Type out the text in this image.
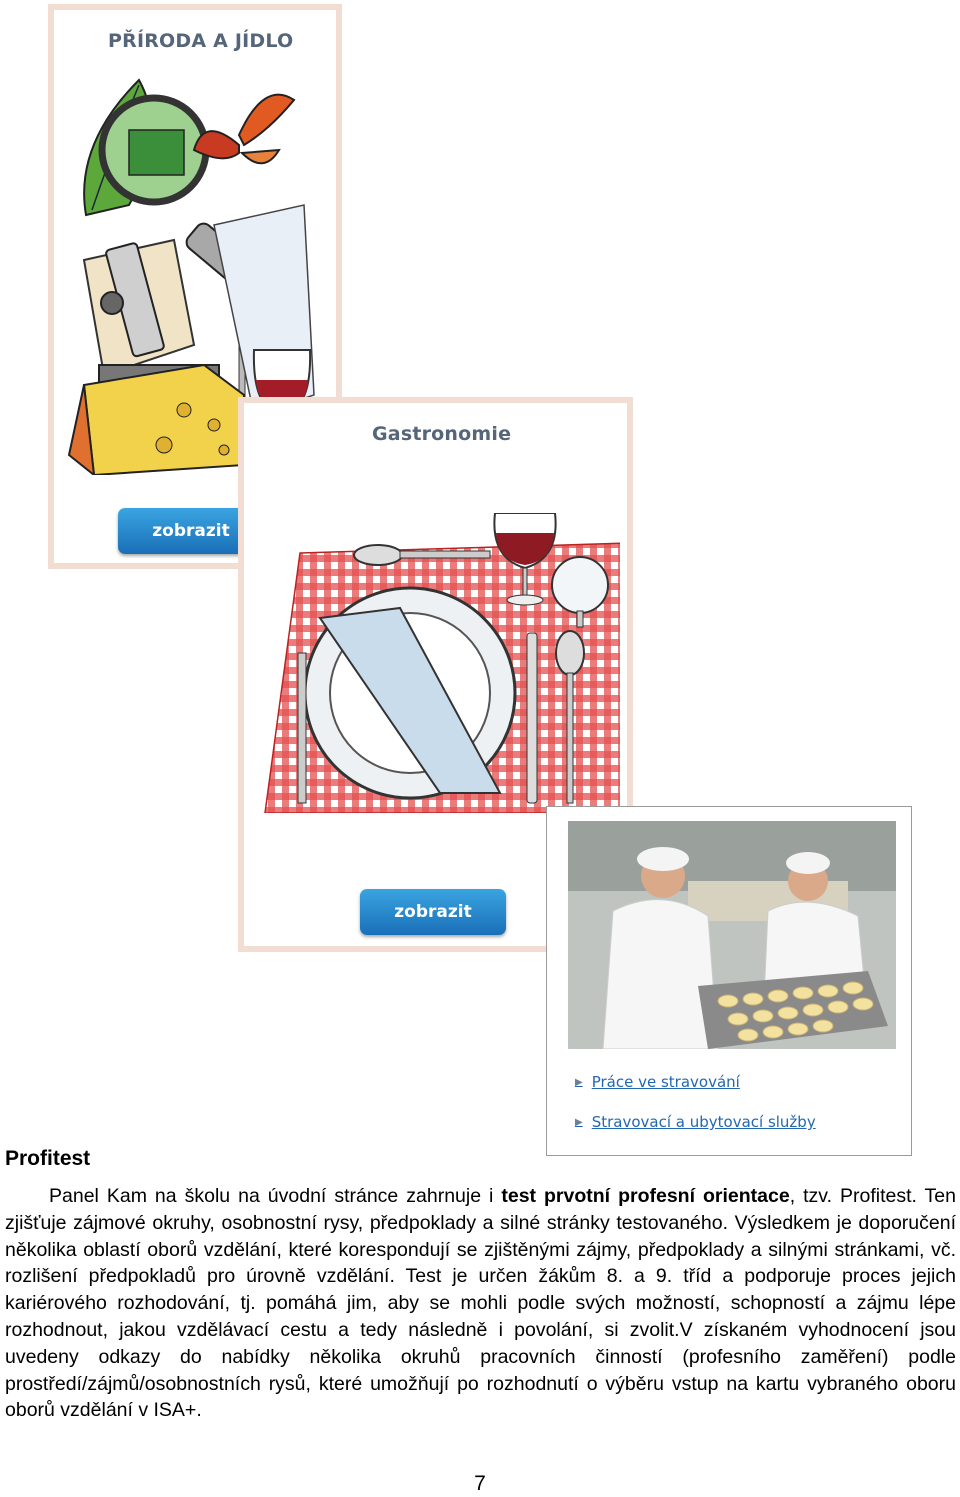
PŘÍRODA A JÍDLO
zobrazit
Gastronomie
zobrazit
▶ Práce ve stravování
▶ Stravovací a ubytovací služby
Profitest

Panel Kam na školu na úvodní stránce zahrnuje i test prvotní profesní orientace, tzv. Profitest. Ten zjišťuje zájmové okruhy, osobnostní rysy, předpoklady a silné stránky testovaného. Výsledkem je doporučení několika oblastí oborů vzdělání, které korespondují se zjištěnými zájmy, předpoklady a silnými stránkami, vč. rozlišení předpokladů pro úrovně vzdělání. Test je určen žákům 8. a 9. tříd a podporuje proces jejich kariérového rozhodování, tj. pomáhá jim, aby se mohli podle svých možností, schopností a zájmu lépe rozhodnout, jakou vzdělávací cestu a tedy následně i povolání, si zvolit.V získaném vyhodnocení jsou uvedeny odkazy do nabídky několika okruhů pracovních činností (profesního zaměření) podle prostředí/zájmů/osobnostních rysů, které umožňují po rozhodnutí o výběru vstup na kartu vybraného oboru oborů vzdělání v ISA+.

7
